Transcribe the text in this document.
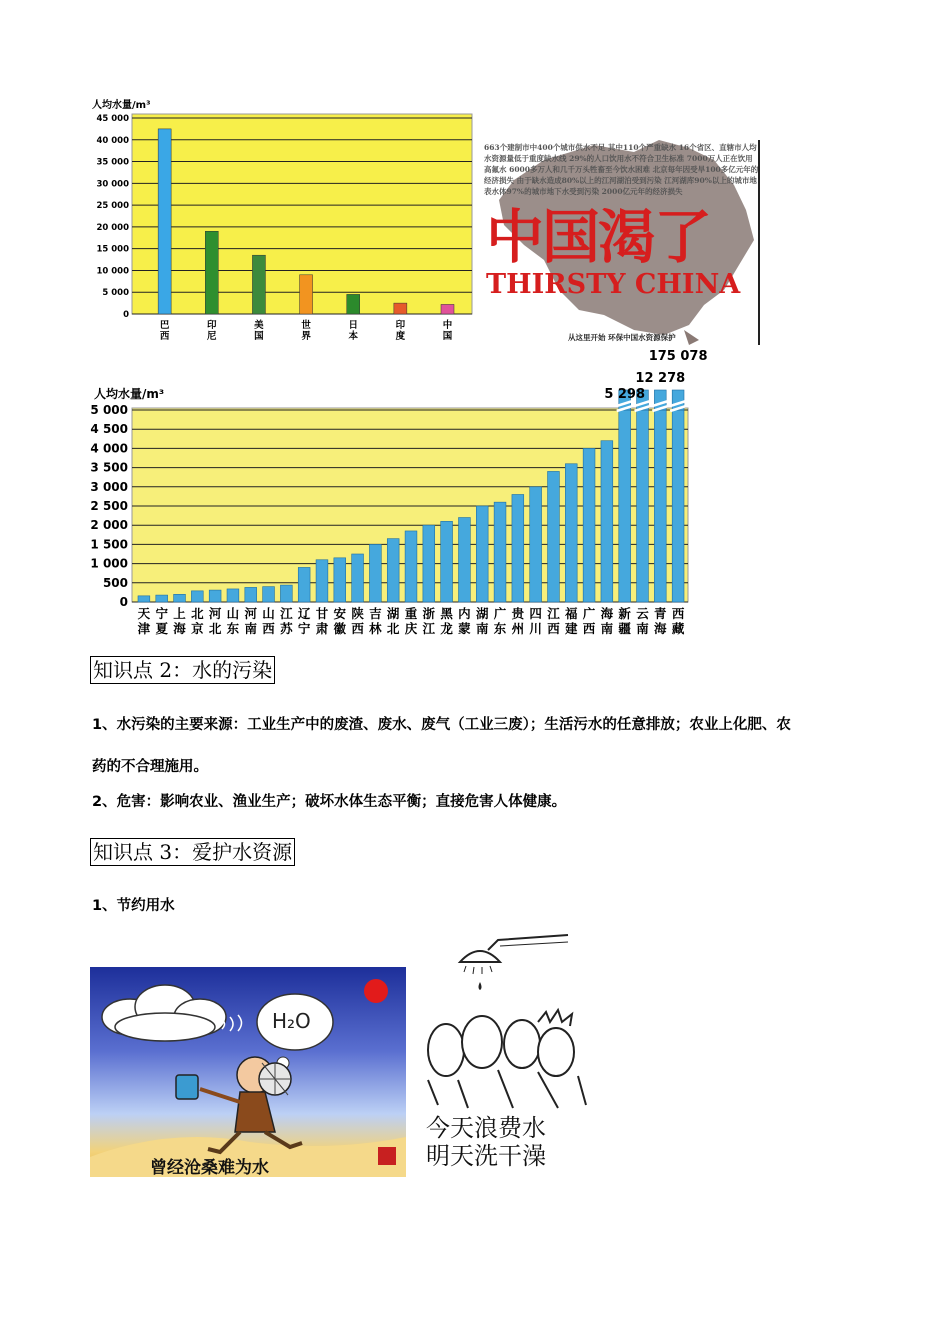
人均水量/m³
0
5 000
10 000
15 000
20 000
25 000
30 000
35 000
40 000
45 000
巴
西
印
尼
美
国
世
界
日
本
印
度
中
国
663个建制市中400个城市供水不足 其中110个严重缺水 16个省区、直辖市人均水资源量低于重度缺水线 29%的人口饮用水不符合卫生标准 7000万人正在饮用高氟水 6000多万人和几千万头牲畜至今饮水困难 北京每年因受旱100多亿元年的经济损失 由于缺水造成80%以上的江河湖泊受到污染 江河湖库90%以上的城市地表水体97%的城市地下水受到污染 2000亿元年的经济损失
中国渴了
THIRSTY CHINA
从这里开始 环保中国水资源保护
人均水量/m³
0
500
1 000
1 500
2 000
2 500
3 000
3 500
4 000
4 500
5 000
天
津
宁
夏
上
海
北
京
河
北
山
东
河
南
山
西
江
苏
辽
宁
甘
肃
安
徽
陕
西
吉
林
湖
北
重
庆
浙
江
黑
龙
内
蒙
湖
南
广
东
贵
州
四
川
江
西
福
建
广
西
海
南
新
疆
云
南
青
海
西
藏
5 298
12 278
175 078
知识点 2：水的污染
1、水污染的主要来源：工业生产中的废渣、废水、废气（工业三废）；生活污水的任意排放；农业上化肥、农
药的不合理施用。
2、危害：影响农业、渔业生产；破坏水体生态平衡；直接危害人体健康。
知识点 3：爱护水资源
1、节约用水
H₂O
曾经沧桑难为水
今天浪费水
明天洗干澡
